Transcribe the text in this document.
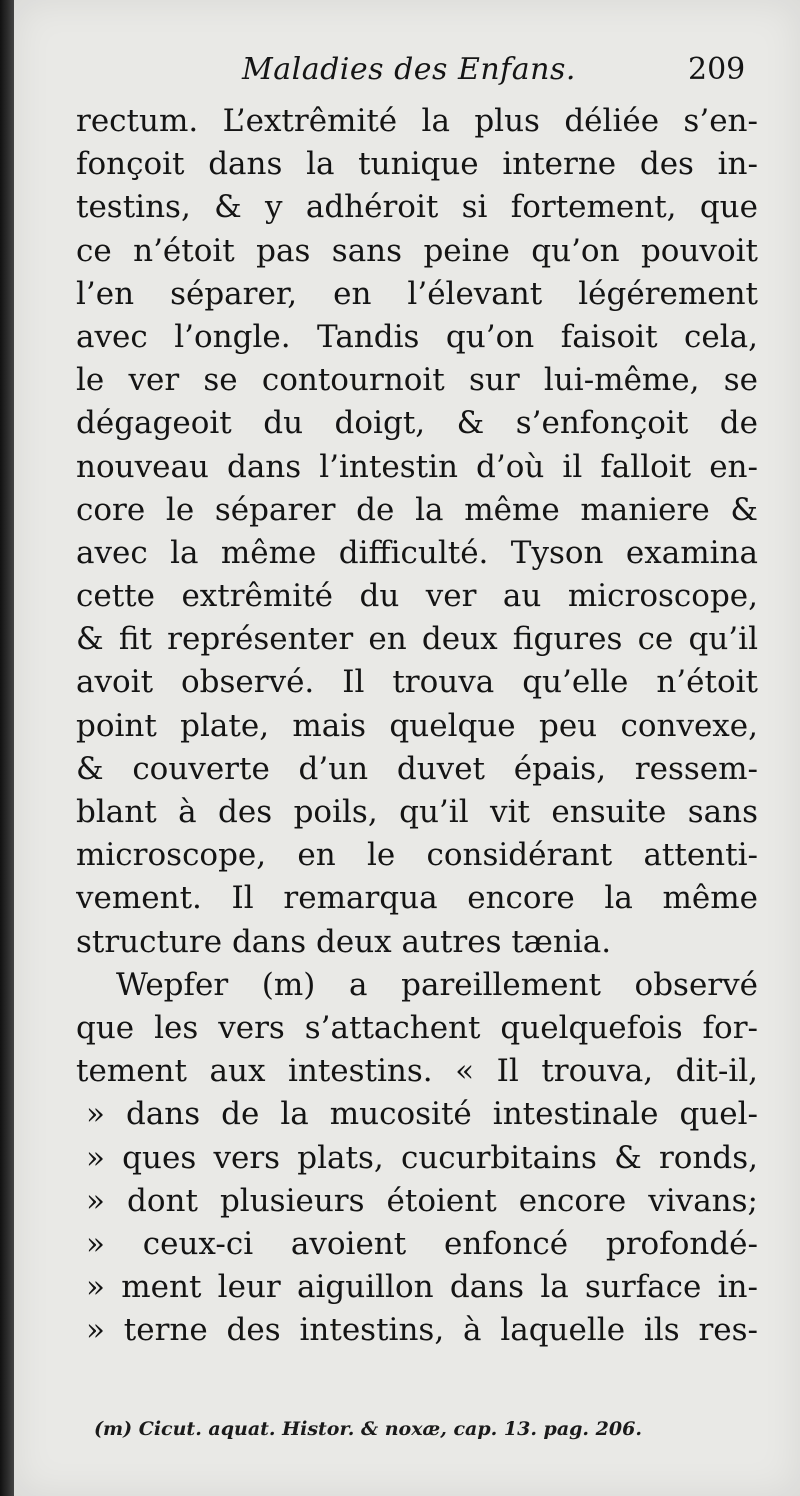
Maladies des Enfans.	209
rectum. L’extrêmité la plus déliée s’en-
fonçoit dans la tunique interne des in-
testins, & y adhéroit si fortement, que
ce n’étoit pas sans peine qu’on pouvoit
l’en séparer, en l’élevant légérement
avec l’ongle. Tandis qu’on faisoit cela,
le ver se contournoit sur lui-même, se
dégageoit du doigt, & s’enfonçoit de
nouveau dans l’intestin d’où il falloit en-
core le séparer de la même maniere &
avec la même difficulté. Tyson examina
cette extrêmité du ver au microscope,
& fit représenter en deux figures ce qu’il
avoit observé. Il trouva qu’elle n’étoit
point plate, mais quelque peu convexe,
& couverte d’un duvet épais, ressem-
blant à des poils, qu’il vit ensuite sans
microscope, en le considérant attenti-
vement. Il remarqua encore la même
structure dans deux autres tænia.
Wepfer (m) a pareillement observé
que les vers s’attachent quelquefois for-
tement aux intestins. « Il trouva, dit-il,
» dans de la mucosité intestinale quel-
» ques vers plats, cucurbitains & ronds,
» dont plusieurs étoient encore vivans;
» ceux-ci avoient enfoncé profondé-
» ment leur aiguillon dans la surface in-
» terne des intestins, à laquelle ils res-
(m) Cicut. aquat. Histor. & noxæ, cap. 13. pag. 206.
